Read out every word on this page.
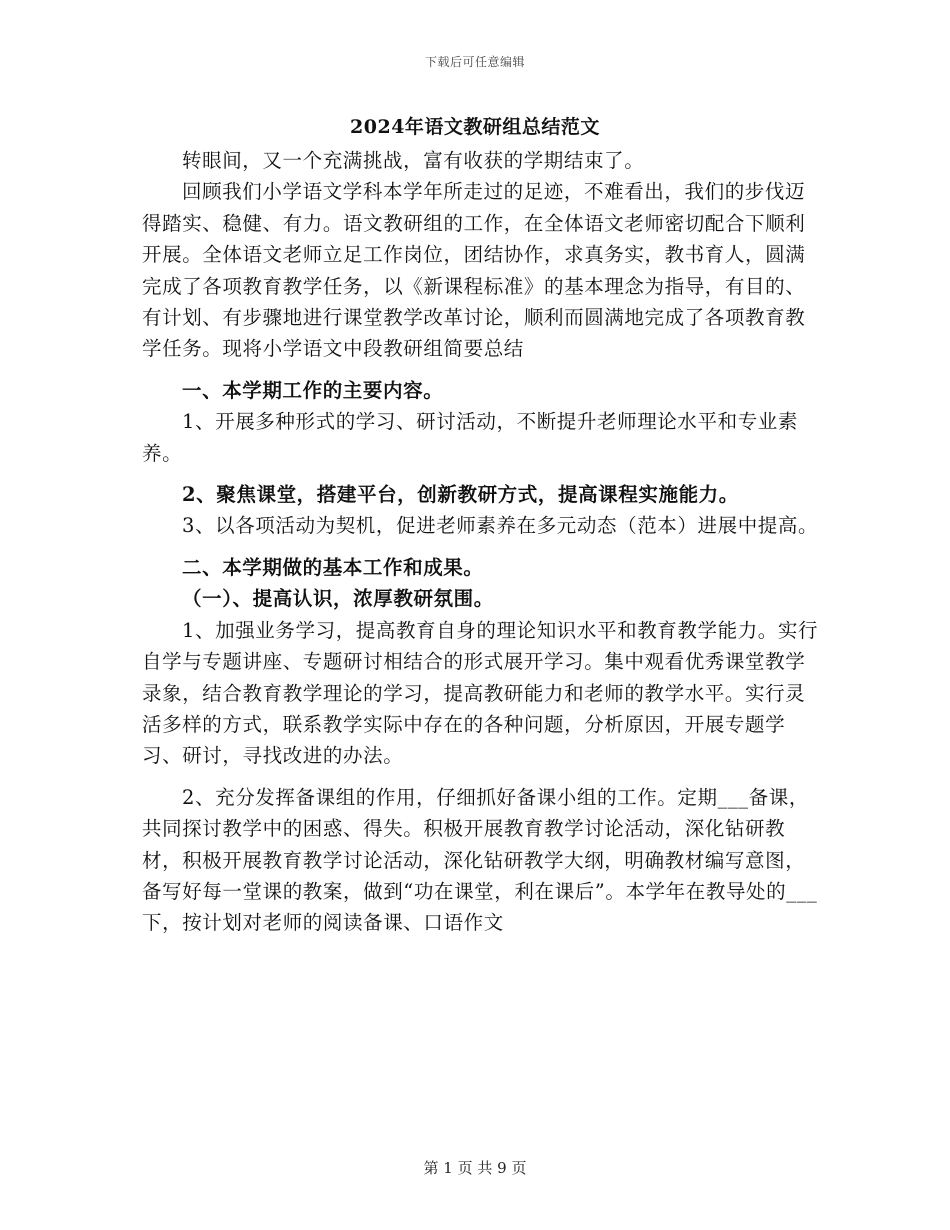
下载后可任意编辑
2024年语文教研组总结范文

转眼间，又一个充满挑战，富有收获的学期结束了。

回顾我们小学语文学科本学年所走过的足迹，不难看出，我们的步伐迈得踏实、稳健、有力。语文教研组的工作，在全体语文老师密切配合下顺利开展。全体语文老师立足工作岗位，团结协作，求真务实，教书育人，圆满完成了各项教育教学任务，以《新课程标准》的基本理念为指导，有目的、有计划、有步骤地进行课堂教学改革讨论，顺利而圆满地完成了各项教育教学任务。现将小学语文中段教研组简要总结

一、本学期工作的主要内容。

1、开展多种形式的学习、研讨活动，不断提升老师理论水平和专业素养。

2、聚焦课堂，搭建平台，创新教研方式，提高课程实施能力。

3、以各项活动为契机，促进老师素养在多元动态（范本）进展中提高。

二、本学期做的基本工作和成果。

（一）、提高认识，浓厚教研氛围。

1、加强业务学习，提高教育自身的理论知识水平和教育教学能力。实行自学与专题讲座、专题研讨相结合的形式展开学习。集中观看优秀课堂教学录象，结合教育教学理论的学习，提高教研能力和老师的教学水平。实行灵活多样的方式，联系教学实际中存在的各种问题，分析原因，开展专题学习、研讨，寻找改进的办法。

2、充分发挥备课组的作用，仔细抓好备课小组的工作。定期___备课，共同探讨教学中的困惑、得失。积极开展教育教学讨论活动，深化钻研教材，积极开展教育教学讨论活动，深化钻研教学大纲，明确教材编写意图，备写好每一堂课的教案，做到“功在课堂，利在课后”。本学年在教导处的___下，按计划对老师的阅读备课、口语作文

第 1 页 共 9 页
